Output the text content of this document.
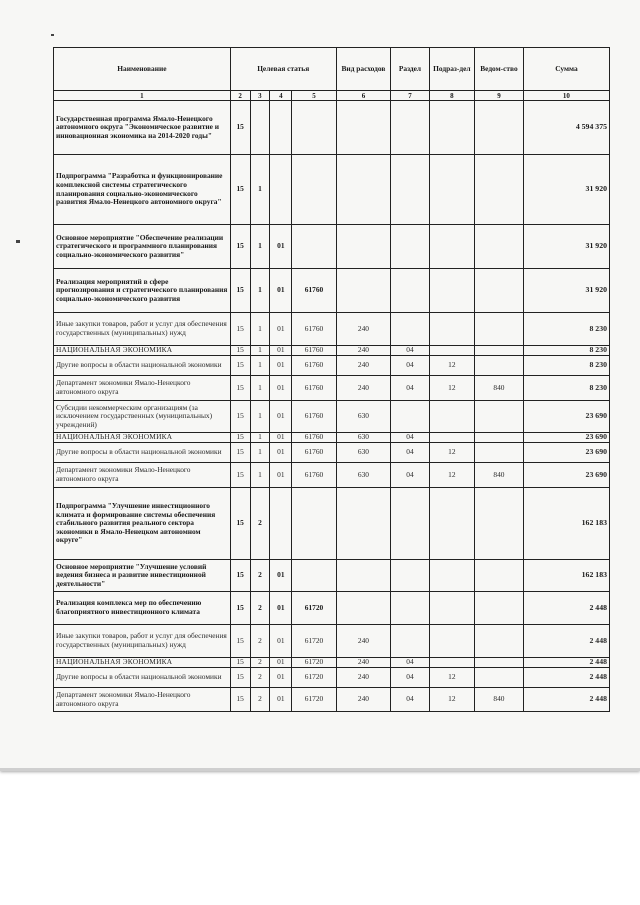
Наименование	Целевая статья				Вид расходов	Раздел	Подраз-дел	Ведом-ство	Сумма
1	2	3	4	5	6	7	8	9	10
Государственная программа Ямало-Ненецкого автономного округа "Экономическое развитие и инновационная экономика на 2014-2020 годы"	15								4 594 375
Подпрограмма "Разработка и функционирование комплексной системы стратегического планирования социально-экономического развития Ямало-Ненецкого автономного округа"	15	1							31 920
Основное мероприятие "Обеспечение реализации стратегического и программного планирования социально-экономического развития"	15	1	01						31 920
Реализация мероприятий в сфере прогнозирования и стратегического планирования социально-экономического развития	15	1	01	61760					31 920
Иные закупки товаров, работ и услуг для обеспечения государственных (муниципальных) нужд	15	1	01	61760	240				8 230
НАЦИОНАЛЬНАЯ ЭКОНОМИКА	15	1	01	61760	240	04			8 230
Другие вопросы в области национальной экономики	15	1	01	61760	240	04	12		8 230
Департамент экономики Ямало-Ненецкого автономного округа	15	1	01	61760	240	04	12	840	8 230
Субсидии некоммерческим организациям (за исключением государственных (муниципальных) учреждений)	15	1	01	61760	630				23 690
НАЦИОНАЛЬНАЯ ЭКОНОМИКА	15	1	01	61760	630	04			23 690
Другие вопросы в области национальной экономики	15	1	01	61760	630	04	12		23 690
Департамент экономики Ямало-Ненецкого автономного округа	15	1	01	61760	630	04	12	840	23 690
Подпрограмма "Улучшение инвестиционного климата и формирование системы обеспечения стабильного развития реального сектора экономики в Ямало-Ненецком автономном округе"	15	2							162 183
Основное мероприятие "Улучшение условий ведения бизнеса и развитие инвестиционной деятельности"	15	2	01						162 183
Реализация комплекса мер по обеспечению благоприятного инвестиционного климата	15	2	01	61720					2 448
Иные закупки товаров, работ и услуг для обеспечения государственных (муниципальных) нужд	15	2	01	61720	240				2 448
НАЦИОНАЛЬНАЯ ЭКОНОМИКА	15	2	01	61720	240	04			2 448
Другие вопросы в области национальной экономики	15	2	01	61720	240	04	12		2 448
Департамент экономики Ямало-Ненецкого автономного округа	15	2	01	61720	240	04	12	840	2 448
